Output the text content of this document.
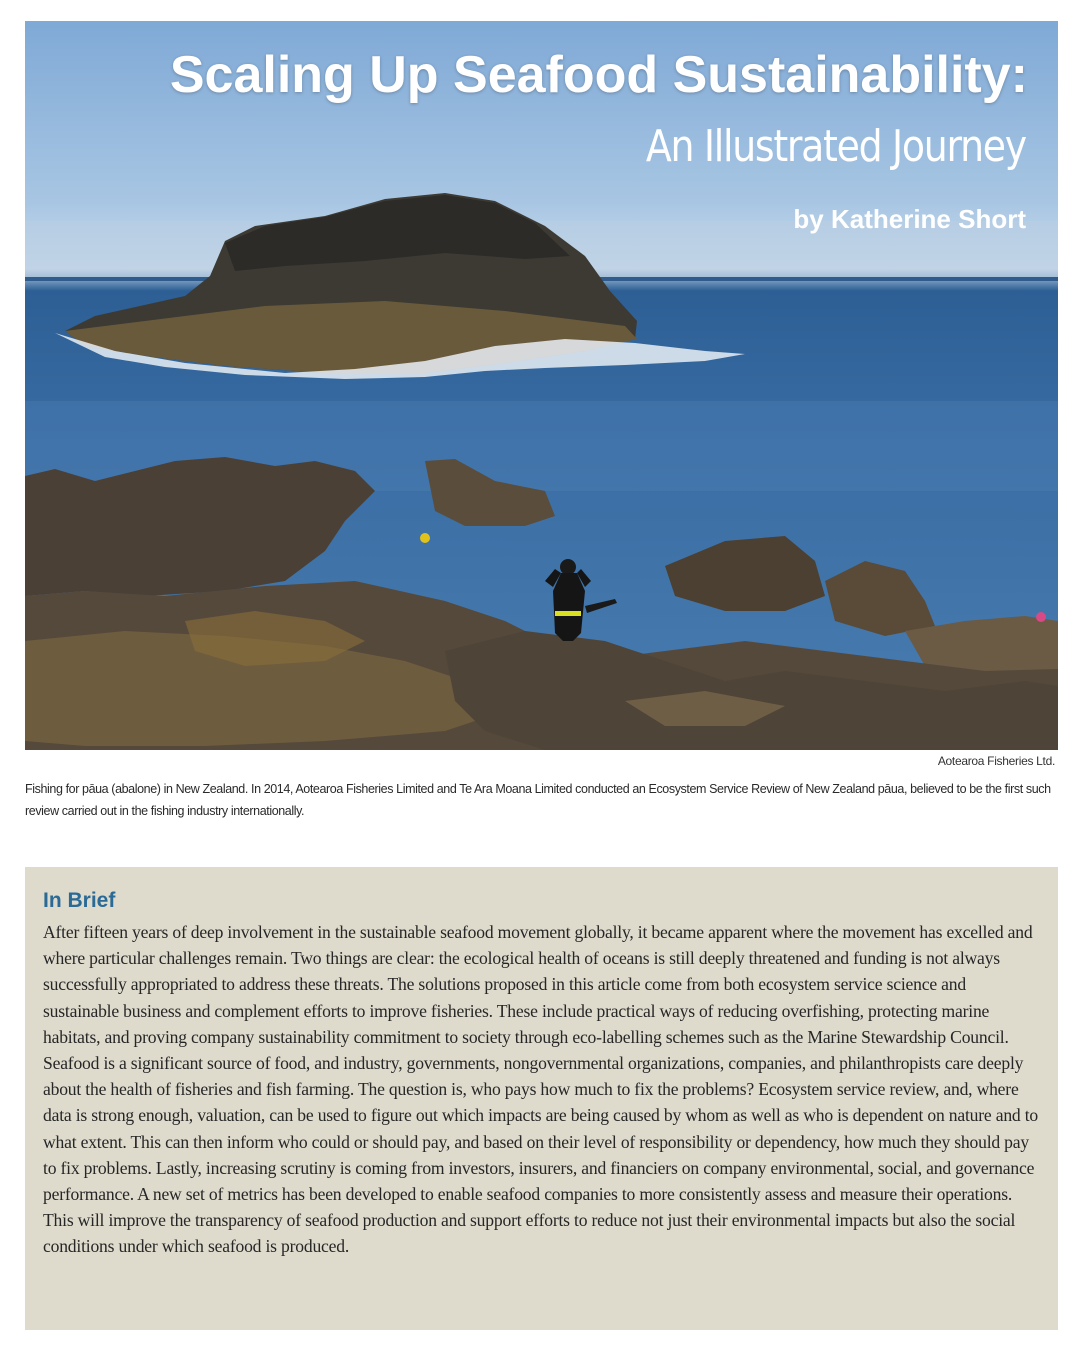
Scaling Up Seafood Sustainability:
An Illustrated Journey
by Katherine Short
Aotearoa Fisheries Ltd.
Fishing for pāua (abalone) in New Zealand. In 2014, Aotearoa Fisheries Limited and Te Ara Moana Limited conducted an Ecosystem Service Review of New Zealand pāua, believed to be the first such review carried out in the fishing industry internationally.
In Brief

After fifteen years of deep involvement in the sustainable seafood movement globally, it became apparent where the movement has excelled and where particular challenges remain. Two things are clear: the ecological health of oceans is still deeply threatened and funding is not always successfully appropriated to address these threats. The solutions proposed in this article come from both ecosystem service science and sustainable business and complement efforts to improve fisheries. These include practical ways of reducing overfishing, protecting marine habitats, and proving company sustainability commitment to society through eco-labelling schemes such as the Marine Stewardship Council. Seafood is a significant source of food, and industry, governments, nongovernmental organizations, companies, and philanthropists care deeply about the health of fisheries and fish farming. The question is, who pays how much to fix the problems? Ecosystem service review, and, where data is strong enough, valuation, can be used to figure out which impacts are being caused by whom as well as who is dependent on nature and to what extent. This can then inform who could or should pay, and based on their level of responsibility or dependency, how much they should pay to fix problems. Lastly, increasing scrutiny is coming from investors, insurers, and financiers on company environmental, social, and governance performance. A new set of metrics has been developed to enable seafood companies to more consistently assess and measure their operations. This will improve the transparency of seafood production and support efforts to reduce not just their environmental impacts but also the social conditions under which seafood is produced.
